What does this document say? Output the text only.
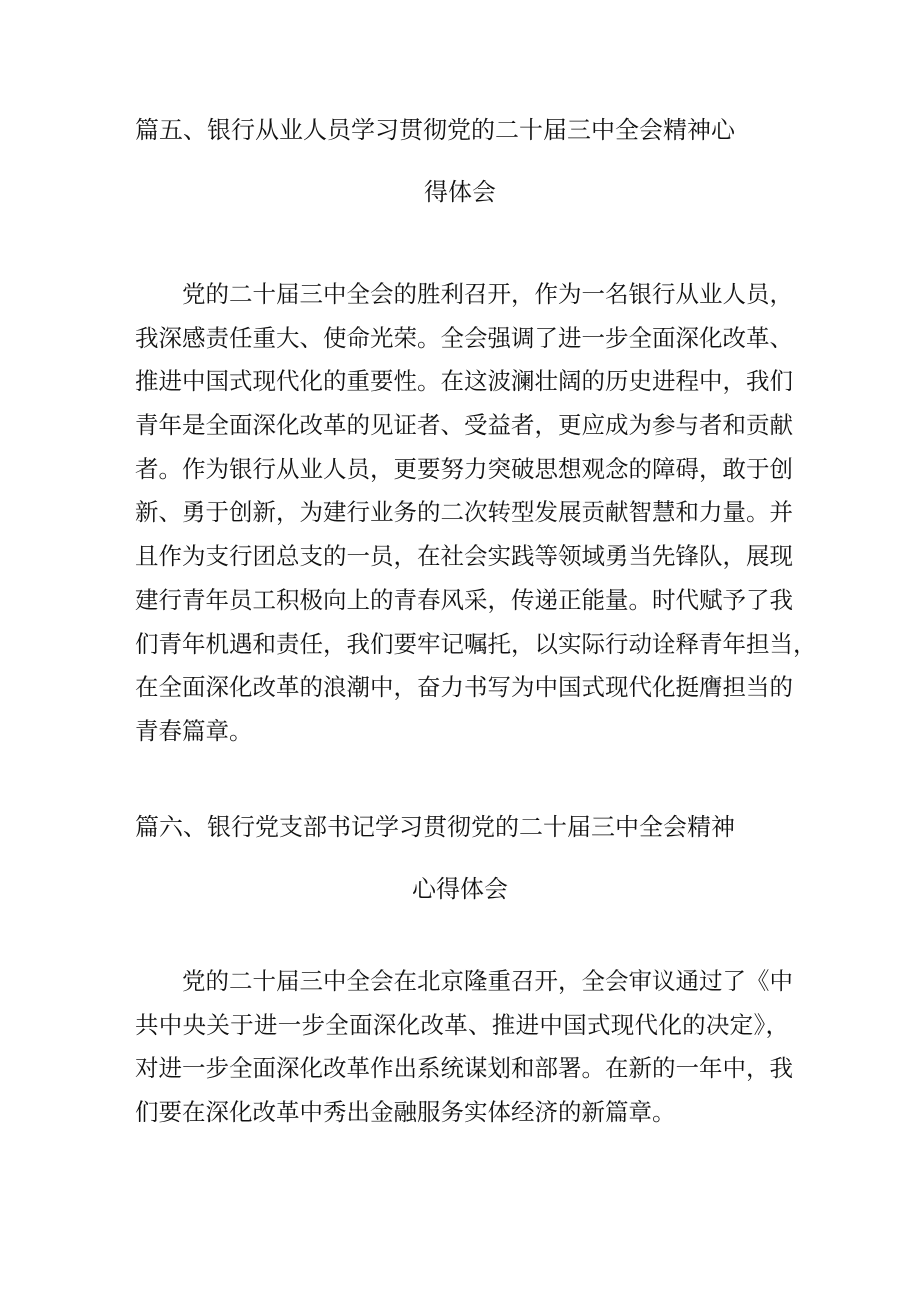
篇五、银行从业人员学习贯彻党的二十届三中全会精神心
得体会
党的二十届三中全会的胜利召开，作为一名银行从业人员，
我深感责任重大、使命光荣。全会强调了进一步全面深化改革、
推进中国式现代化的重要性。在这波澜壮阔的历史进程中，我们
青年是全面深化改革的见证者、受益者，更应成为参与者和贡献
者。作为银行从业人员，更要努力突破思想观念的障碍，敢于创
新、勇于创新，为建行业务的二次转型发展贡献智慧和力量。并
且作为支行团总支的一员，在社会实践等领域勇当先锋队，展现
建行青年员工积极向上的青春风采，传递正能量。时代赋予了我
们青年机遇和责任，我们要牢记嘱托，以实际行动诠释青年担当，
在全面深化改革的浪潮中，奋力书写为中国式现代化挺膺担当的
青春篇章。
篇六、银行党支部书记学习贯彻党的二十届三中全会精神
心得体会
党的二十届三中全会在北京隆重召开，全会审议通过了《中
共中央关于进一步全面深化改革、推进中国式现代化的决定》，
对进一步全面深化改革作出系统谋划和部署。在新的一年中，我
们要在深化改革中秀出金融服务实体经济的新篇章。
